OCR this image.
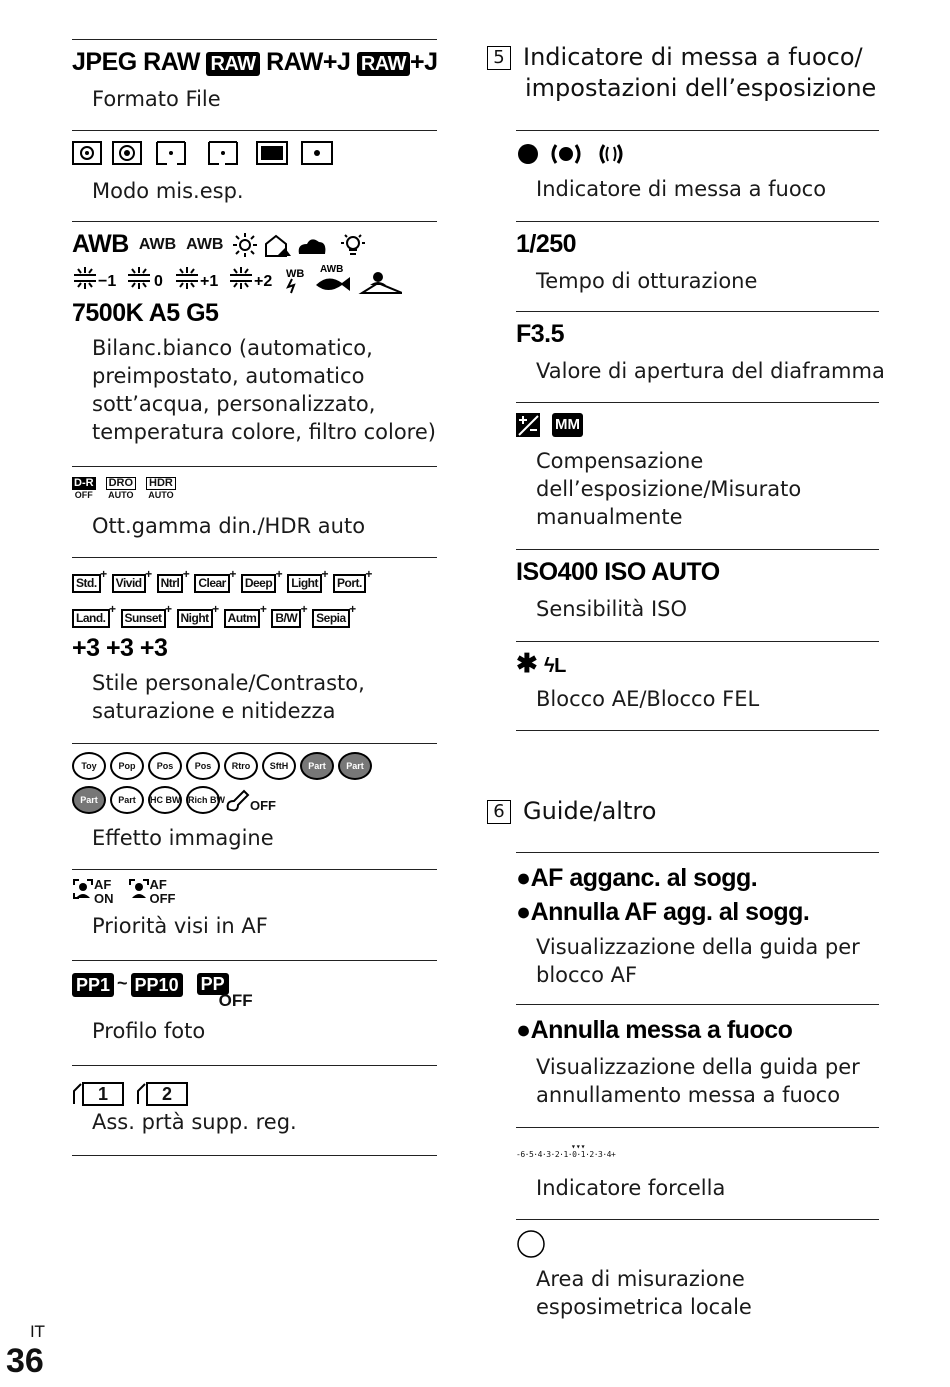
JPEG RAW RAW RAW+J RAW +J
Formato File
Modo mis.esp.
AWB AWB AWB
−1 0 +1 +2 WB AWB
7500K A5 G5
Bilanc.bianco (automatico, preimpostato, automatico sott’acqua, personalizzato, temperatura colore, filtro colore)
D-R
OFF
DRO
AUTO
HDR
AUTO
Ott.gamma din./HDR auto
Std. + Vivid + Ntrl + Clear + Deep + Light + Port. +
Land. + Sunset + Night + Autm + B/W + Sepia +
+3 +3 +3
Stile personale/Contrasto, saturazione e nitidezza
Toy Pop Pos Pos Rtro SftH Part Part
Part	Part	HC BW Rich BW OFF
Effetto immagine
AF
ON
AF
OFF
Priorità visi in AF
PP1 ~ PP10 PP
OFF
Profilo foto
1	2
Ass. prtà supp. reg.
5 Indicatore di messa a fuoco/
impostazioni dell’esposizione
Indicatore di messa a fuoco
1/250
Tempo di otturazione
F3.5
Valore di apertura del diaframma
MM
Compensazione dell’esposizione/Misurato manualmente
ISO400 ISO AUTO
Sensibilità ISO
✱ ϟL
Blocco AE/Blocco FEL
6 Guide/altro
●AF agganc. al sogg.
●Annulla AF agg. al sogg.
Visualizzazione della guida per blocco AF
●Annulla messa a fuoco
Visualizzazione della guida per annullamento messa a fuoco
▾▾▾
-6·5·4·3·2·1·0·1·2·3·4+
Indicatore forcella
Area di misurazione esposimetrica locale
IT
36
